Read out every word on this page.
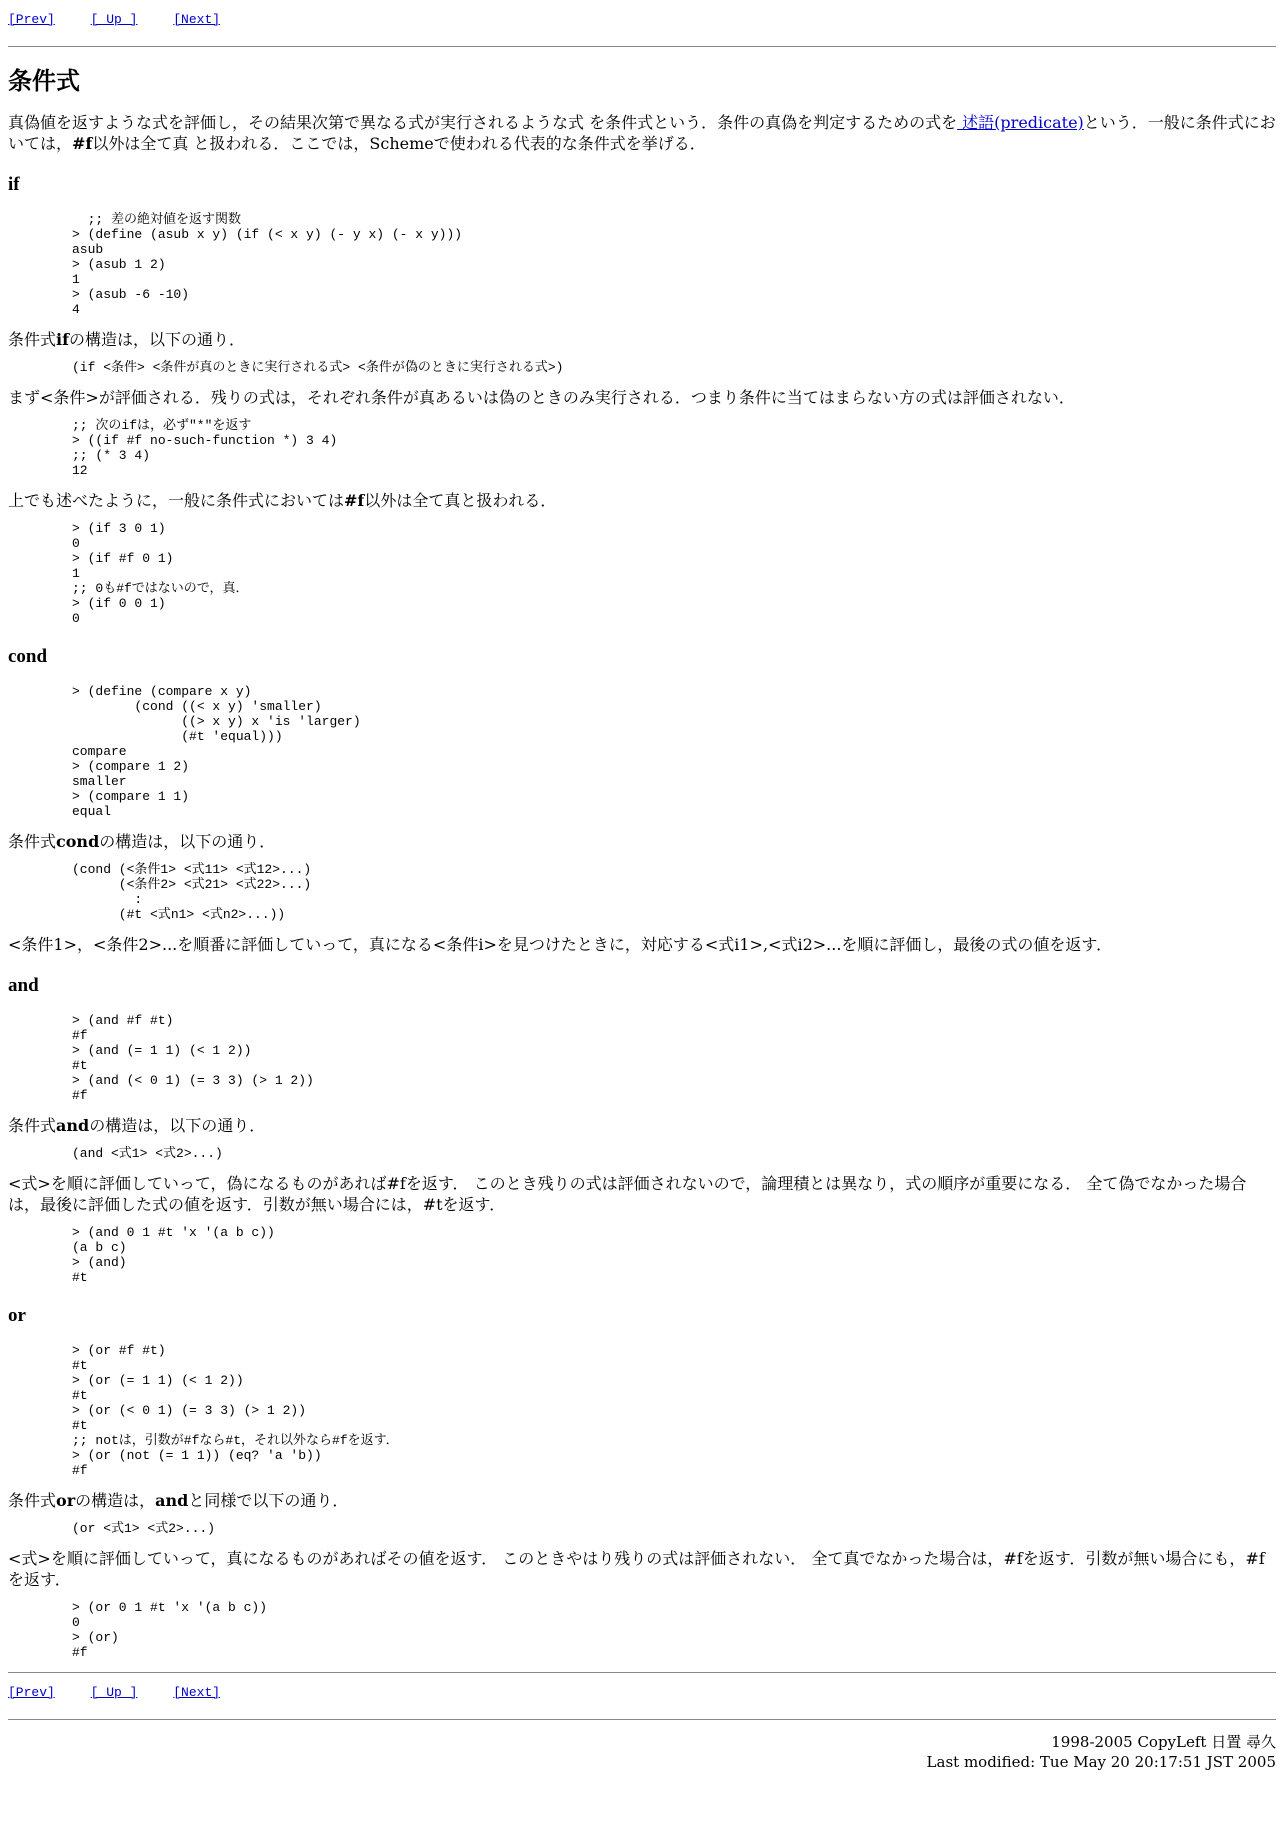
[Prev]	[ Up ]	[Next]
条件式

真偽値を返すような式を評価し，その結果次第で異なる式が実行されるような式 を条件式という．条件の真偽を判定するための式を 述語(predicate)という．一般に条件式においては，#f以外は全て真 と扱われる．ここでは，Schemeで使われる代表的な条件式を挙げる．

if
;; 差の絶対値を返す関数
> (define (asub x y) (if (< x y) (- y x) (- x y)))
asub
> (asub 1 2)
1
> (asub -6 -10)
4

条件式ifの構造は，以下の通り．

(if <条件> <条件が真のときに実行される式> <条件が偽のときに実行される式>)

まず<条件>が評価される．残りの式は，それぞれ条件が真あるいは偽のときのみ実行される．つまり条件に当てはまらない方の式は評価されない．

;; 次のifは，必ず"*"を返す
> ((if #f no-such-function *) 3 4)
;; (* 3 4)
12

上でも述べたように，一般に条件式においては#f以外は全て真と扱われる．

> (if 3 0 1)
0
> (if #f 0 1)
1
;; 0も#fではないので，真．
> (if 0 0 1)
0
cond
> (define (compare x y)
(cond ((< x y) 'smaller)
((> x y) x 'is 'larger)
(#t 'equal)))
compare
> (compare 1 2)
smaller
> (compare 1 1)
equal

条件式condの構造は，以下の通り．

(cond (<条件1> <式11> <式12>...)
(<条件2> <式21> <式22>...)
:
(#t <式n1> <式n2>...))

<条件1>，<条件2>...を順番に評価していって，真になる<条件i>を見つけたときに，対応する<式i1>,<式i2>...を順に評価し，最後の式の値を返す．

and
> (and #f #t)
#f
> (and (= 1 1) (< 1 2))
#t
> (and (< 0 1) (= 3 3) (> 1 2))
#f

条件式andの構造は，以下の通り．

(and <式1> <式2>...)

<式>を順に評価していって，偽になるものがあれば#fを返す． このとき残りの式は評価されないので，論理積とは異なり，式の順序が重要になる． 全て偽でなかった場合は，最後に評価した式の値を返す．引数が無い場合には，#tを返す．

> (and 0 1 #t 'x '(a b c))
(a b c)
> (and)
#t
or
> (or #f #t)
#t
> (or (= 1 1) (< 1 2))
#t
> (or (< 0 1) (= 3 3) (> 1 2))
#t
;; notは，引数が#fなら#t，それ以外なら#fを返す．
> (or (not (= 1 1)) (eq? 'a 'b))
#f

条件式orの構造は，andと同様で以下の通り．

(or <式1> <式2>...)

<式>を順に評価していって，真になるものがあればその値を返す． このときやはり残りの式は評価されない． 全て真でなかった場合は，#fを返す．引数が無い場合にも，#fを返す．

> (or 0 1 #t 'x '(a b c))
0
> (or)
#f
[Prev]	[ Up ]	[Next]
1998-2005 CopyLeft 日置 尋久
Last modified: Tue May 20 20:17:51 JST 2005
